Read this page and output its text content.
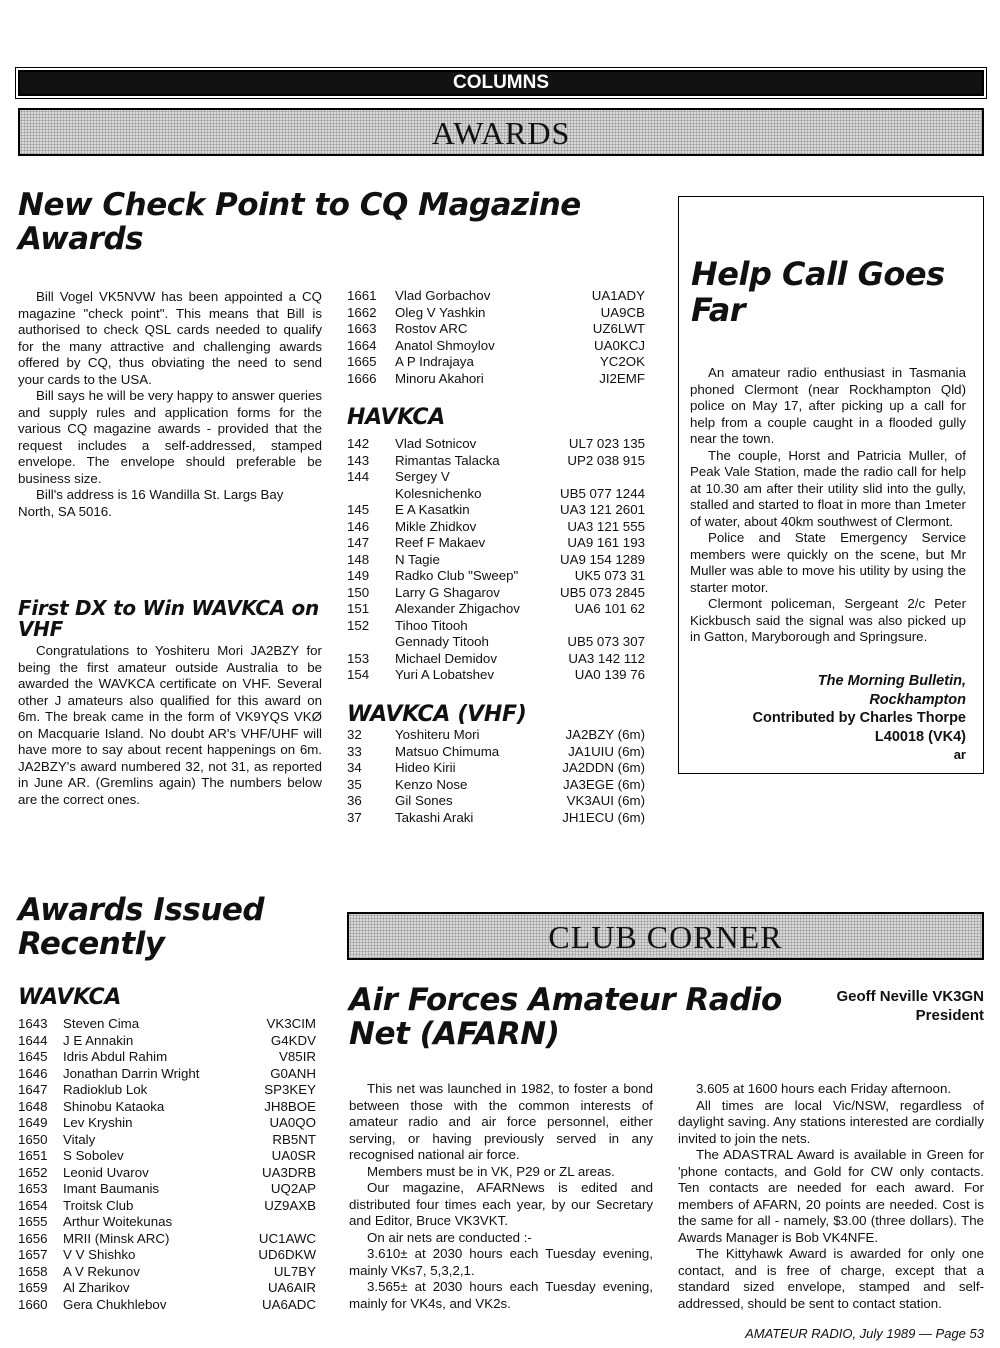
COLUMNS
AWARDS
New Check Point to CQ Magazine Awards

Bill Vogel VK5NVW has been appointed a CQ magazine "check point". This means that Bill is authorised to check QSL cards needed to qualify for the many attractive and challenging awards offered by CQ, thus obviating the need to send your cards to the USA.

Bill says he will be very happy to answer queries and supply rules and application forms for the various CQ magazine awards - provided that the request includes a self-addressed, stamped envelope. The envelope should preferable be business size.

Bill's address is 16 Wandilla St. Largs Bay North, SA 5016.

First DX to Win WAVKCA on VHF

Congratulations to Yoshiteru Mori JA2BZY for being the first amateur outside Australia to be awarded the WAVKCA certificate on VHF. Several other J amateurs also qualified for this award on 6m. The break came in the form of VK9YQS VKØ on Macquarie Island. No doubt AR's VHF/UHF will have more to say about recent happenings on 6m. JA2BZY's award numbered 32, not 31, as reported in June AR. (Gremlins again) The numbers below are the correct ones.

1661	Vlad Gorbachov	UA1ADY
1662	Oleg V Yashkin	UA9CB
1663	Rostov ARC	UZ6LWT
1664	Anatol Shmoylov	UA0KCJ
1665	A P Indrajaya	YC2OK
1666	Minoru Akahori	JI2EMF
HAVKCA
142	Vlad Sotnicov	UL7 023 135
143	Rimantas Talacka	UP2 038 915
144	Sergey V	
	Kolesnichenko	UB5 077 1244
145	E A Kasatkin	UA3 121 2601
146	Mikle Zhidkov	UA3 121 555
147	Reef F Makaev	UA9 161 193
148	N Tagie	UA9 154 1289
149	Radko Club "Sweep"	UK5 073 31
150	Larry G Shagarov	UB5 073 2845
151	Alexander Zhigachov	UA6 101 62
152	Tihoo Titooh	
	Gennady Titooh	UB5 073 307
153	Michael Demidov	UA3 142 112
154	Yuri A Lobatshev	UA0 139 76
WAVKCA (VHF)
32	Yoshiteru Mori	JA2BZY (6m)
33	Matsuo Chimuma	JA1UIU (6m)
34	Hideo Kirii	JA2DDN (6m)
35	Kenzo Nose	JA3EGE (6m)
36	Gil Sones	VK3AUI (6m)
37	Takashi Araki	JH1ECU (6m)
Help Call Goes Far

An amateur radio enthusiast in Tasmania phoned Clermont (near Rockhampton Qld) police on May 17, after picking up a call for help from a couple caught in a flooded gully near the town.

The couple, Horst and Patricia Muller, of Peak Vale Station, made the radio call for help at 10.30 am after their utility slid into the gully, stalled and started to float in more than 1meter of water, about 40km southwest of Clermont.

Police and State Emergency Service members were quickly on the scene, but Mr Muller was able to move his utility by using the starter motor.

Clermont policeman, Sergeant 2/c Peter Kickbusch said the signal was also picked up in Gatton, Maryborough and Springsure.

The Morning Bulletin,
Rockhampton
Contributed by Charles Thorpe
L40018 (VK4)
ar
Awards Issued Recently
WAVKCA
1643	Steven Cima	VK3CIM
1644	J E Annakin	G4KDV
1645	Idris Abdul Rahim	V85IR
1646	Jonathan Darrin Wright	G0ANH
1647	Radioklub Lok	SP3KEY
1648	Shinobu Kataoka	JH8BOE
1649	Lev Kryshin	UA0QO
1650	Vitaly	RB5NT
1651	S Sobolev	UA0SR
1652	Leonid Uvarov	UA3DRB
1653	Imant Baumanis	UQ2AP
1654	Troitsk Club	UZ9AXB
1655	Arthur Woitekunas	
1656	MRII (Minsk ARC)	UC1AWC
1657	V V Shishko	UD6DKW
1658	A V Rekunov	UL7BY
1659	Al Zharikov	UA6AIR
1660	Gera Chukhlebov	UA6ADC
CLUB CORNER
Air Forces Amateur Radio Net (AFARN)
Geoff Neville VK3GN
President

This net was launched in 1982, to foster a bond between those with the common interests of amateur radio and air force personnel, either serving, or having previously served in any recognised national air force.

Members must be in VK, P29 or ZL areas.

Our magazine, AFARNews is edited and distributed four times each year, by our Secretary and Editor, Bruce VK3VKT.

On air nets are conducted :-

3.610± at 2030 hours each Tuesday evening, mainly VKs7, 5,3,2,1.

3.565± at 2030 hours each Tuesday evening, mainly for VK4s, and VK2s.

3.605 at 1600 hours each Friday afternoon.

All times are local Vic/NSW, regardless of daylight saving. Any stations interested are cordially invited to join the nets.

The ADASTRAL Award is available in Green for 'phone contacts, and Gold for CW only contacts. Ten contacts are needed for each award. For members of AFARN, 20 points are needed. Cost is the same for all - namely, $3.00 (three dollars). The Awards Manager is Bob VK4NFE.

The Kittyhawk Award is awarded for only one contact, and is free of charge, except that a standard sized envelope, stamped and self-addressed, should be sent to contact station.

AMATEUR RADIO, July 1989 — Page 53
